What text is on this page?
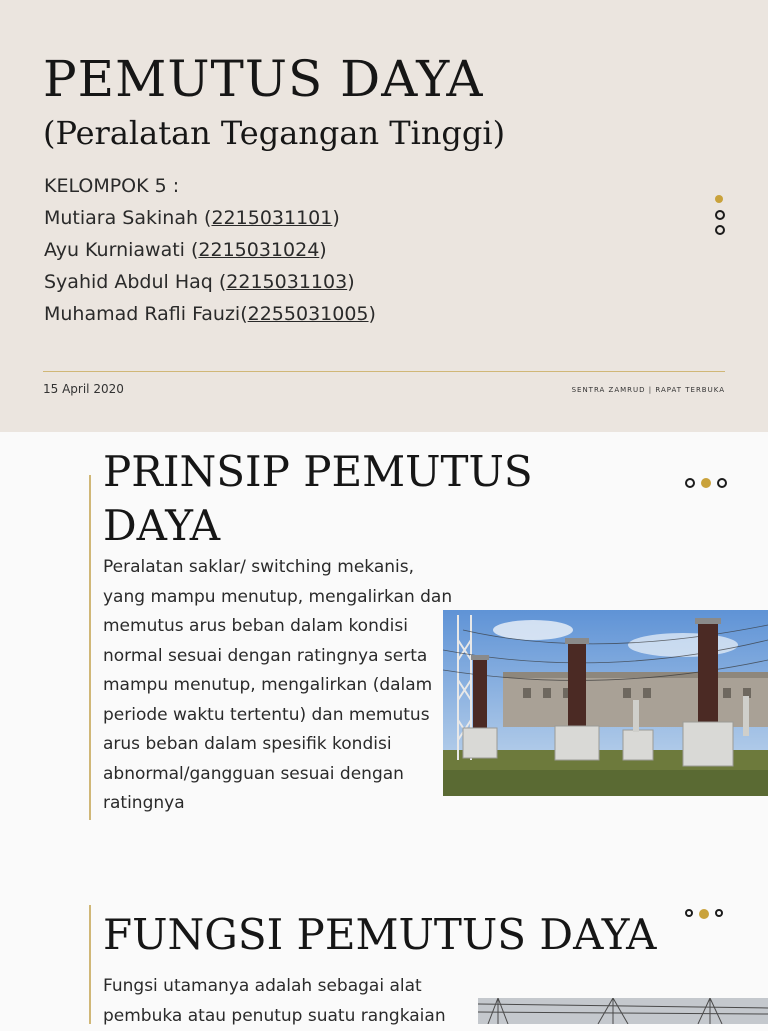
PEMUTUS DAYA
(Peralatan Tegangan Tinggi)
KELOMPOK 5 :
Mutiara Sakinah (2215031101)
Ayu Kurniawati (2215031024)
Syahid Abdul Haq (2215031103)
Muhamad Rafli Fauzi(2255031005)
15 April 2020	SENTRA ZAMRUD | RAPAT TERBUKA
PRINSIP PEMUTUS DAYA

Peralatan saklar/ switching mekanis, yang mampu menutup, mengalirkan dan memutus arus beban dalam kondisi normal sesuai dengan ratingnya serta mampu menutup, mengalirkan (dalam periode waktu tertentu) dan memutus arus beban dalam spesifik kondisi abnormal/gangguan sesuai dengan ratingnya

FUNGSI PEMUTUS DAYA

Fungsi utamanya adalah sebagai alat
pembuka atau penutup suatu rangkaian
